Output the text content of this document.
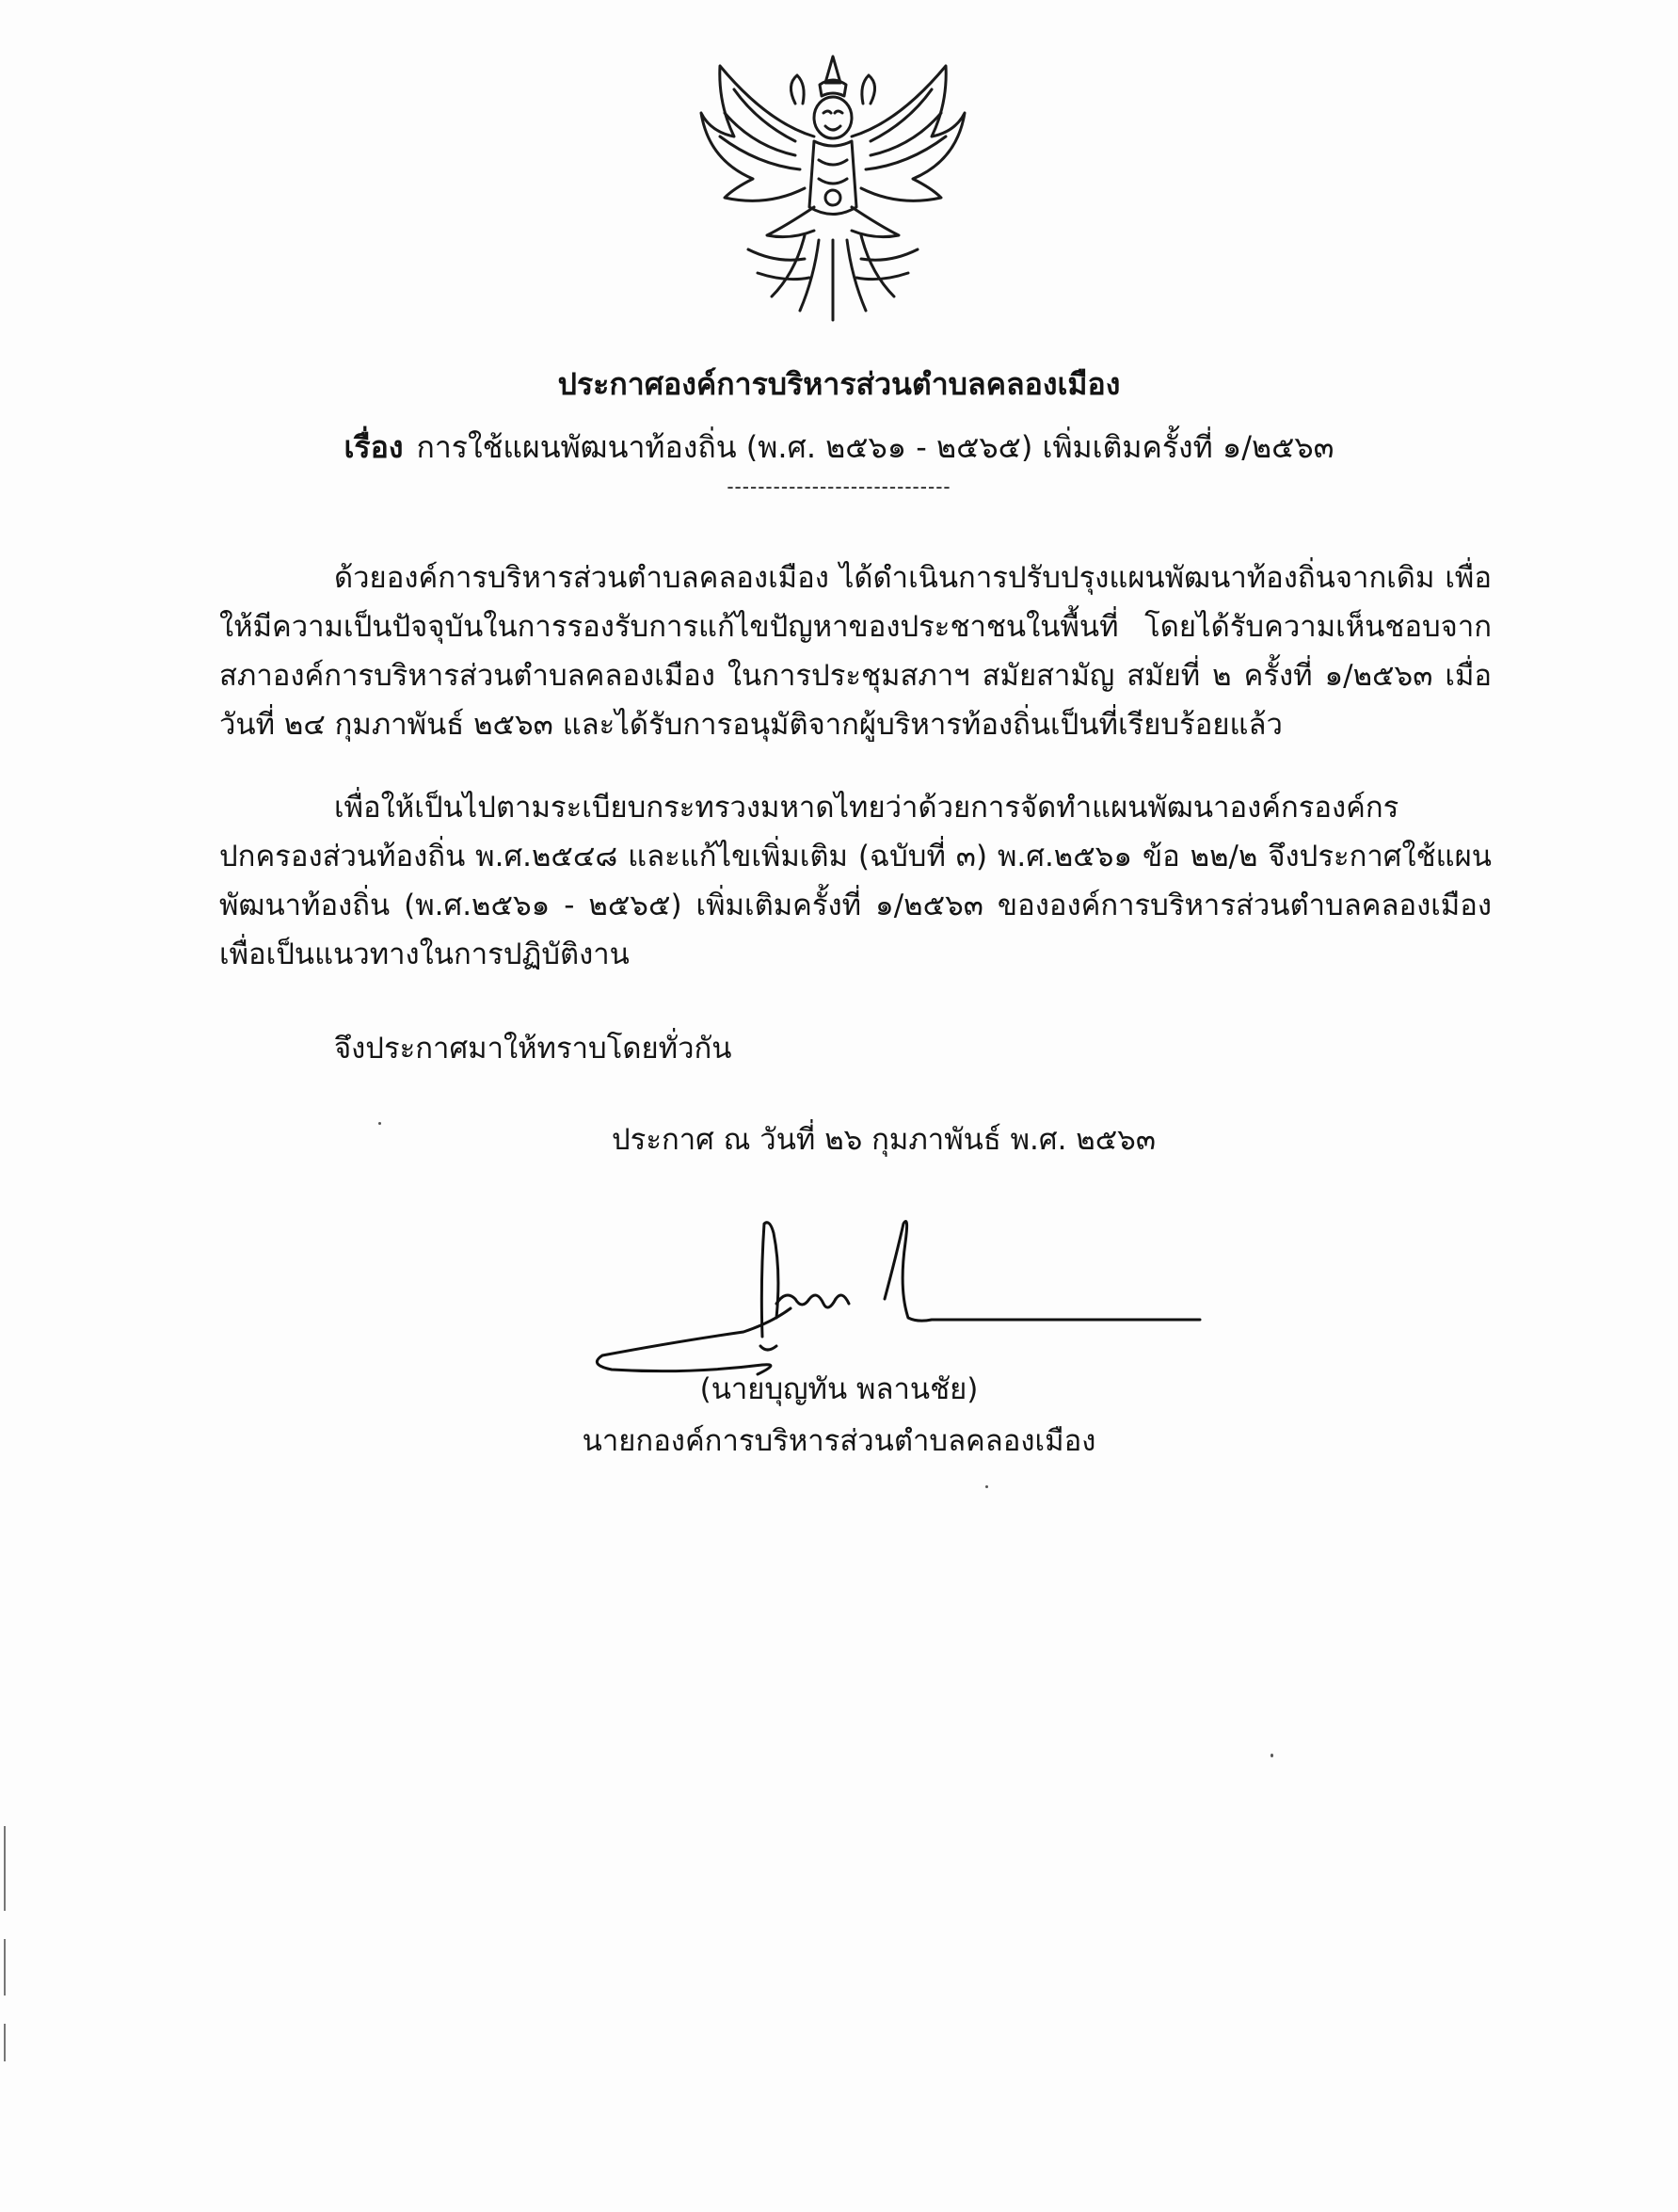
ประกาศองค์การบริหารส่วนตำบลคลองเมือง
เรื่อง การใช้แผนพัฒนาท้องถิ่น (พ.ศ. ๒๕๖๑ - ๒๕๖๕) เพิ่มเติมครั้งที่ ๑/๒๕๖๓
-----------------------------

ด้วยองค์การบริหารส่วนตำบลคลองเมือง ได้ดำเนินการปรับปรุงแผนพัฒนาท้องถิ่นจากเดิม เพื่อให้มีความเป็นปัจจุบันในการรองรับการแก้ไขปัญหาของประชาชนในพื้นที่ โดยได้รับความเห็นชอบจากสภาองค์การบริหารส่วนตำบลคลองเมือง ในการประชุมสภาฯ สมัยสามัญ สมัยที่ ๒ ครั้งที่ ๑/๒๕๖๓ เมื่อวันที่ ๒๔ กุมภาพันธ์ ๒๕๖๓ และได้รับการอนุมัติจากผู้บริหารท้องถิ่นเป็นที่เรียบร้อยแล้ว

เพื่อให้เป็นไปตามระเบียบกระทรวงมหาดไทยว่าด้วยการจัดทำแผนพัฒนาองค์กรองค์กรปกครองส่วนท้องถิ่น พ.ศ.๒๕๔๘ และแก้ไขเพิ่มเติม (ฉบับที่ ๓) พ.ศ.๒๕๖๑ ข้อ ๒๒/๒ จึงประกาศใช้แผนพัฒนาท้องถิ่น (พ.ศ.๒๕๖๑ - ๒๕๖๕) เพิ่มเติมครั้งที่ ๑/๒๕๖๓ ขององค์การบริหารส่วนตำบลคลองเมือง เพื่อเป็นแนวทางในการปฏิบัติงาน

จึงประกาศมาให้ทราบโดยทั่วกัน

ประกาศ ณ วันที่ ๒๖ กุมภาพันธ์ พ.ศ. ๒๕๖๓
(นายบุญทัน พลานชัย)
นายกองค์การบริหารส่วนตำบลคลองเมือง
